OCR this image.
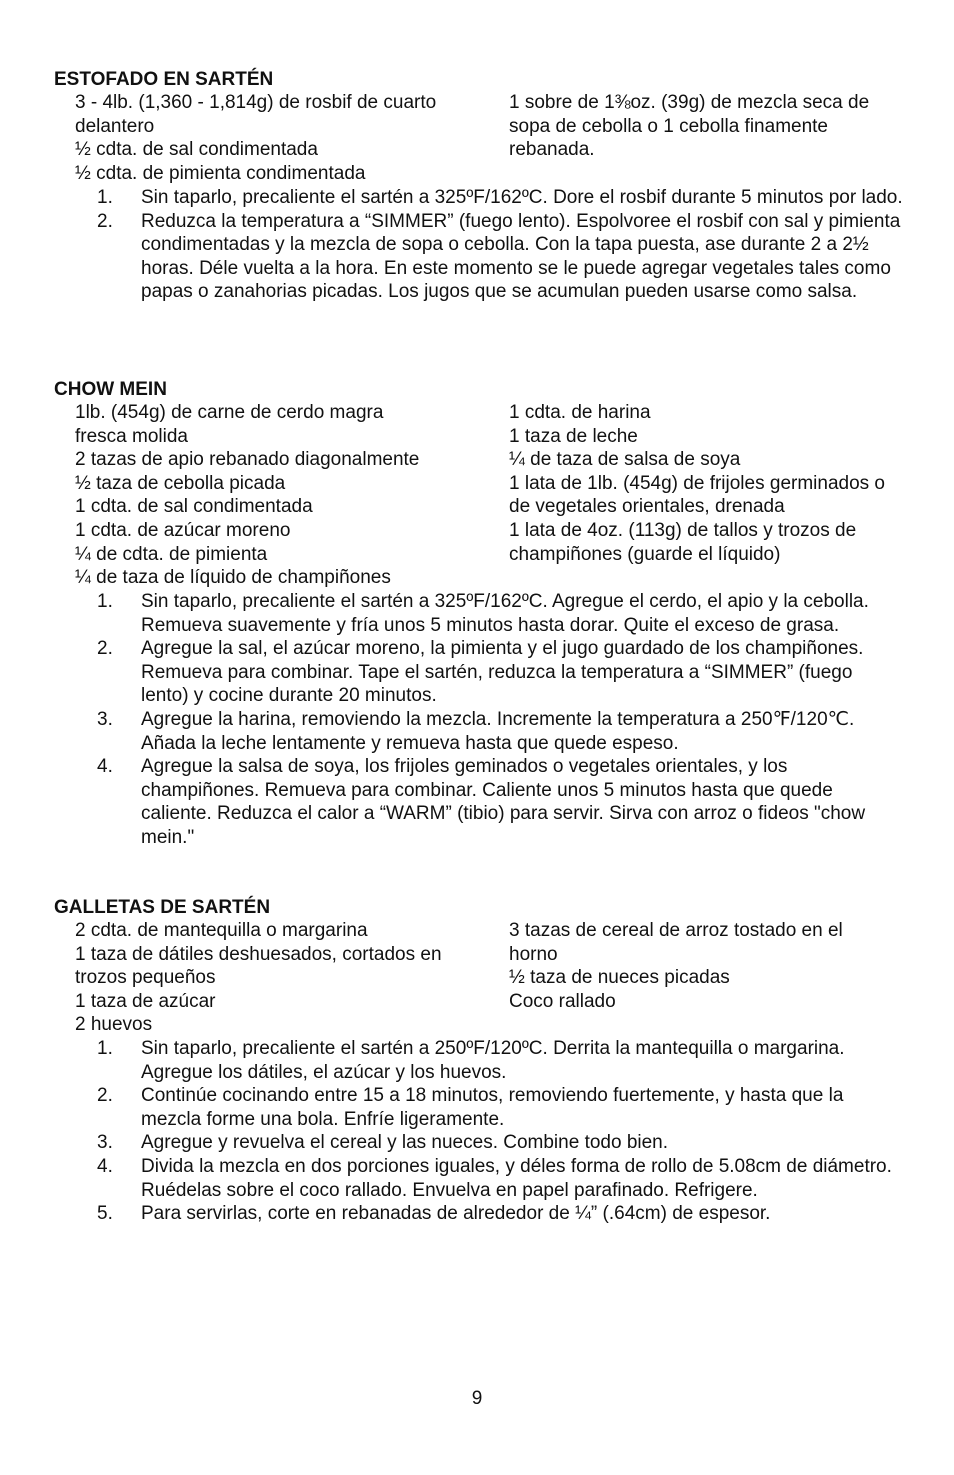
ESTOFADO EN SARTÉN
3 - 4lb. (1,360 - 1,814g) de rosbif de cuarto delantero
½ cdta. de sal condimentada
½ cdta. de pimienta condimentada
1 sobre de 1⅜oz. (39g) de mezcla seca de sopa de cebolla o 1 cebolla finamente rebanada.
1. Sin taparlo, precaliente el sartén a 325ºF/162ºC. Dore el rosbif durante 5 minutos por lado.
2. Reduzca la temperatura a “SIMMER” (fuego lento). Espolvoree el rosbif con sal y pimienta condimentadas y la mezcla de sopa o cebolla. Con la tapa puesta, ase durante 2 a 2½ horas. Déle vuelta a la hora. En este momento se le puede agregar vegetales tales como papas o zanahorias picadas. Los jugos que se acumulan pueden usarse como salsa.
CHOW MEIN
1lb. (454g) de carne de cerdo magra fresca molida
2 tazas de apio rebanado diagonalmente
½ taza de cebolla picada
1 cdta. de sal condimentada
1 cdta. de azúcar moreno
¼ de cdta. de pimienta
¼ de taza de líquido de champiñones
1 cdta. de harina
1 taza de leche
¼ de taza de salsa de soya
1 lata de 1lb. (454g) de frijoles germinados o de vegetales orientales, drenada
1 lata de 4oz. (113g) de tallos y trozos de champiñones (guarde el líquido)
1. Sin taparlo, precaliente el sartén a 325ºF/162ºC. Agregue el cerdo, el apio y la cebolla. Remueva suavemente y fría unos 5 minutos hasta dorar. Quite el exceso de grasa.
2. Agregue la sal, el azúcar moreno, la pimienta y el jugo guardado de los champiñones. Remueva para combinar. Tape el sartén, reduzca la temperatura a “SIMMER” (fuego lento) y cocine durante 20 minutos.
3. Agregue la harina, removiendo la mezcla. Incremente la temperatura a 250℉/120℃. Añada la leche lentamente y remueva hasta que quede espeso.
4. Agregue la salsa de soya, los frijoles geminados o vegetales orientales, y los champiñones. Remueva para combinar. Caliente unos 5 minutos hasta que quede caliente. Reduzca el calor a “WARM” (tibio) para servir. Sirva con arroz o fideos "chow mein."
GALLETAS DE SARTÉN
2 cdta. de mantequilla o margarina
1 taza de dátiles deshuesados, cortados en trozos pequeños
1 taza de azúcar
2 huevos
3 tazas de cereal de arroz tostado en el horno
½ taza de nueces picadas
Coco rallado
1. Sin taparlo, precaliente el sartén a 250ºF/120ºC. Derrita la mantequilla o margarina. Agregue los dátiles, el azúcar y los huevos.
2. Continúe cocinando entre 15 a 18 minutos, removiendo fuertemente, y hasta que la mezcla forme una bola. Enfríe ligeramente.
3. Agregue y revuelva el cereal y las nueces. Combine todo bien.
4. Divida la mezcla en dos porciones iguales, y déles forma de rollo de 5.08cm de diámetro. Ruédelas sobre el coco rallado. Envuelva en papel parafinado. Refrigere.
5. Para servirlas, corte en rebanadas de alrededor de ¼” (.64cm) de espesor.
9
